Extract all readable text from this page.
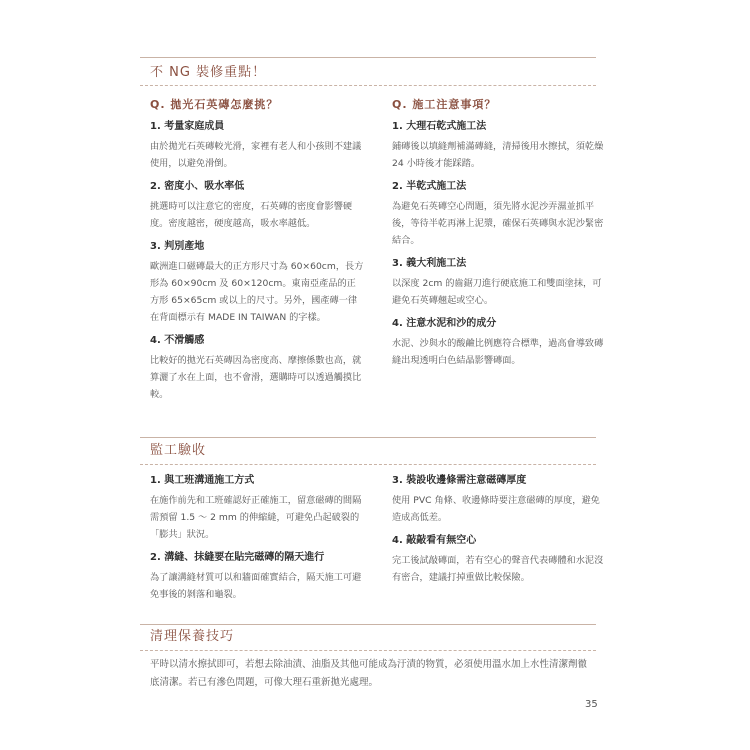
不 NG 裝修重點！
Q. 拋光石英磚怎麼挑？	Q. 施工注意事項？

1. 考量家庭成員

由於拋光石英磚較光滑，家裡有老人和小孩則不建議使用，以避免滑倒。

2. 密度小、吸水率低

挑選時可以注意它的密度，石英磚的密度會影響硬度。密度越密，硬度越高，吸水率越低。

3. 判別產地

歐洲進口磁磚最大的正方形尺寸為 60×60cm，長方形為 60×90cm 及 60×120cm。東南亞產品的正方形 65×65cm 或以上的尺寸。另外，國產磚一律在背面標示有 MADE IN TAIWAN 的字樣。

4. 不滑觸感

比較好的拋光石英磚因為密度高、摩擦係數也高，就算灑了水在上面，也不會滑，選購時可以透過觸摸比較。

1. 大理石乾式施工法

鋪磚後以填縫劑補滿磚縫，清掃後用水擦拭，須乾燥 24 小時後才能踩踏。

2. 半乾式施工法

為避免石英磚空心問題，須先將水泥沙弄濕並抓平後，等待半乾再淋上泥漿，確保石英磚與水泥沙緊密結合。

3. 義大利施工法

以深度 2cm 的齒鋸刀進行硬底施工和雙面塗抹，可避免石英磚翹起或空心。

4. 注意水泥和沙的成分

水泥、沙與水的酸鹼比例應符合標準，過高會導致磚縫出現透明白色結晶影響磚面。

監工驗收

1. 與工班溝通施工方式

在施作前先和工班確認好正確施工，留意磁磚的間隔需預留 1.5 ～ 2 mm 的伸縮縫，可避免凸起破裂的「膨共」狀況。

2. 溝縫、抹縫要在貼完磁磚的隔天進行

為了讓溝縫材質可以和牆面確實結合，隔天施工可避免事後的剝落和龜裂。

3. 裝設收邊條需注意磁磚厚度

使用 PVC 角條、收邊條時要注意磁磚的厚度，避免造成高低差。

4. 敲敲看有無空心

完工後試敲磚面，若有空心的聲音代表磚體和水泥沒有密合，建議打掉重做比較保險。

清理保養技巧

平時以清水擦拭即可，若想去除油漬、油脂及其他可能成為汙漬的物質，必須使用溫水加上水性清潔劑徹底清潔。若已有滲色問題，可像大理石重新拋光處理。

35
